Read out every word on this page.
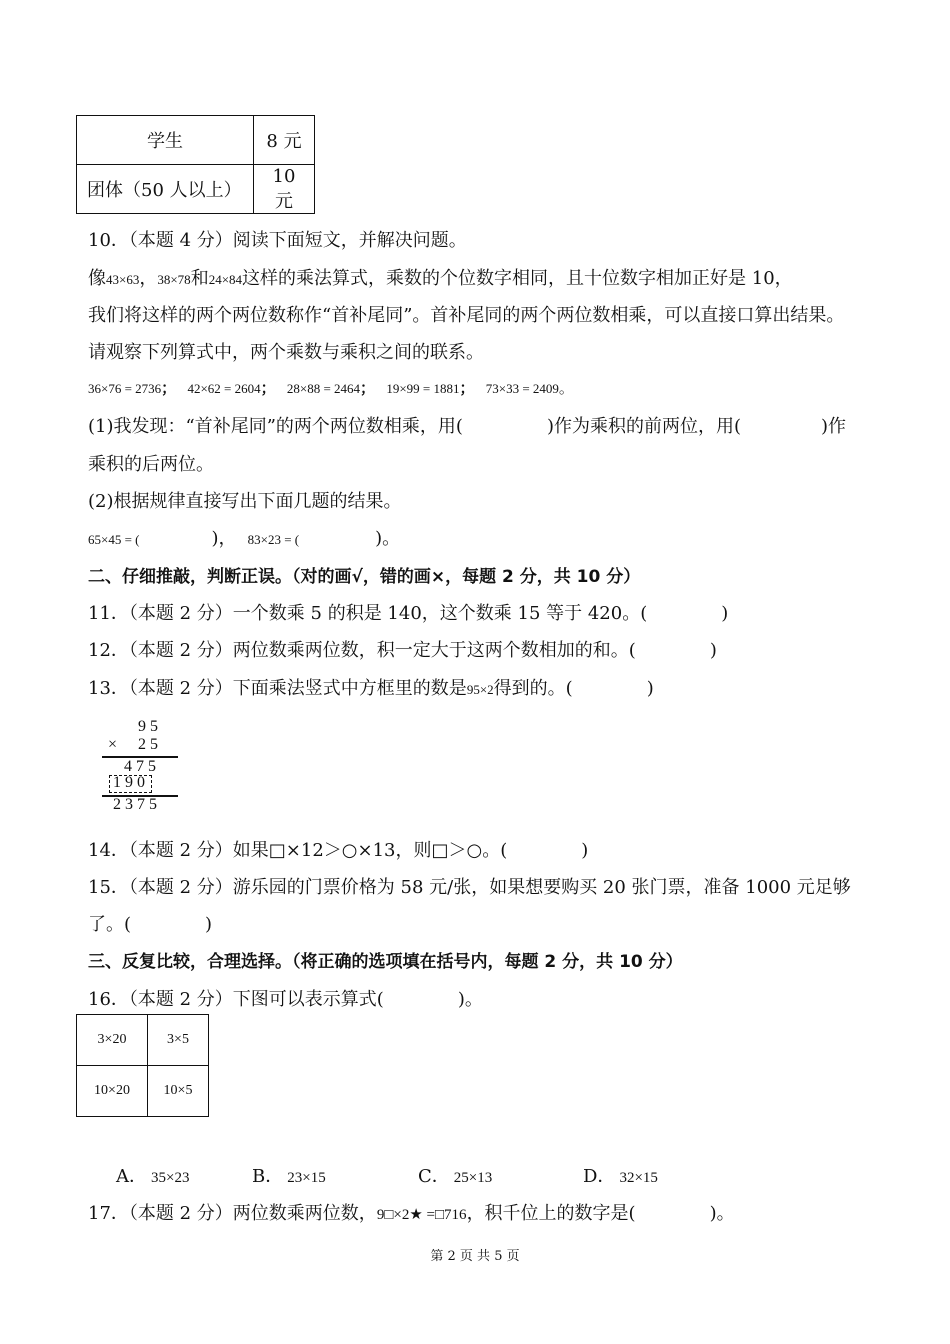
学生	8 元
团体（50 人以上）	10 元
10．（本题 4 分）阅读下面短文，并解决问题。
像43×63，38×78和24×84这样的乘法算式，乘数的个位数字相同，且十位数字相加正好是 10，
我们将这样的两个两位数称作“首补尾同”。首补尾同的两个两位数相乘，可以直接口算出结果。
请观察下列算式中，两个乘数与乘积之间的联系。
36×76 = 2736； 42×62 = 2604； 28×88 = 2464； 19×99 = 1881； 73×33 = 2409。
(1)我发现：“首补尾同”的两个两位数相乘，用(	)作为乘积的前两位，用(	)作
乘积的后两位。
(2)根据规律直接写出下面几题的结果。
65×45 = (	)， 83×23 = (	)。
二、仔细推敲，判断正误。（对的画√，错的画×，每题 2 分，共 10 分）
11．（本题 2 分）一个数乘 5 的积是 140，这个数乘 15 等于 420。(	)
12．（本题 2 分）两位数乘两位数，积一定大于这两个数相加的和。(	)
13．（本题 2 分）下面乘法竖式中方框里的数是95×2得到的。(	)
95
× 25
475
190
2375
14．（本题 2 分）如果□×12＞○×13，则□＞○。(	)
15．（本题 2 分）游乐园的门票价格为 58 元/张，如果想要购买 20 张门票，准备 1000 元足够
了。(	)
三、反复比较，合理选择。（将正确的选项填在括号内，每题 2 分，共 10 分）
16．（本题 2 分）下图可以表示算式(	)。
3×20	3×5
10×20	10×5
A． 35×23	B． 23×15	C． 25×13	D． 32×15
17．（本题 2 分）两位数乘两位数，9□×2★ =□716，积千位上的数字是(	)。
第 2 页 共 5 页
